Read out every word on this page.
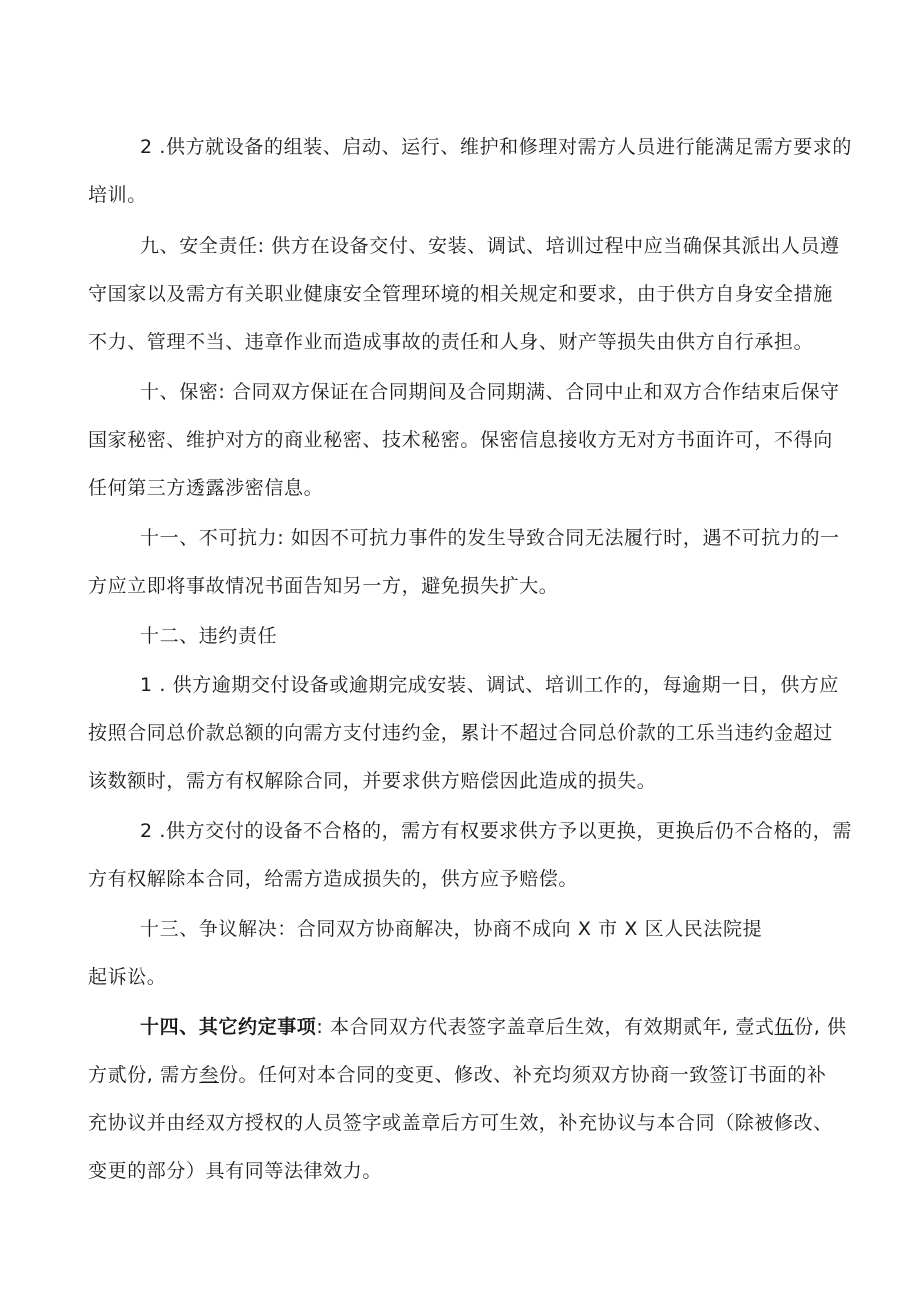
2 .供方就设备的组装、启动、运行、维护和修理对需方人员进行能满足需方要求的
培训。
九、安全责任: 供方在设备交付、安装、调试、培训过程中应当确保其派出人员遵
守国家以及需方有关职业健康安全管理环境的相关规定和要求，由于供方自身安全措施
不力、管理不当、违章作业而造成事故的责任和人身、财产等损失由供方自行承担。
十、保密: 合同双方保证在合同期间及合同期满、合同中止和双方合作结束后保守
国家秘密、维护对方的商业秘密、技术秘密。保密信息接收方无对方书面许可，不得向
任何第三方透露涉密信息。
十一、不可抗力: 如因不可抗力事件的发生导致合同无法履行时，遇不可抗力的一
方应立即将事故情况书面告知另一方，避免损失扩大。
十二、违约责任
1 . 供方逾期交付设备或逾期完成安装、调试、培训工作的，每逾期一日，供方应
按照合同总价款总额的向需方支付违约金，累计不超过合同总价款的工乐当违约金超过
该数额时，需方有权解除合同，并要求供方赔偿因此造成的损失。
2 .供方交付的设备不合格的，需方有权要求供方予以更换，更换后仍不合格的，需
方有权解除本合同，给需方造成损失的，供方应予赔偿。
十三、争议解决：合同双方协商解决，协商不成向 X 市 X 区人民法院提
起诉讼。
十四、其它约定事项: 本合同双方代表签字盖章后生效，有效期贰年, 壹式伍份, 供
方贰份, 需方叁份。任何对本合同的变更、修改、补充均须双方协商一致签订书面的补
充协议并由经双方授权的人员签字或盖章后方可生效，补充协议与本合同（除被修改、
变更的部分）具有同等法律效力。
